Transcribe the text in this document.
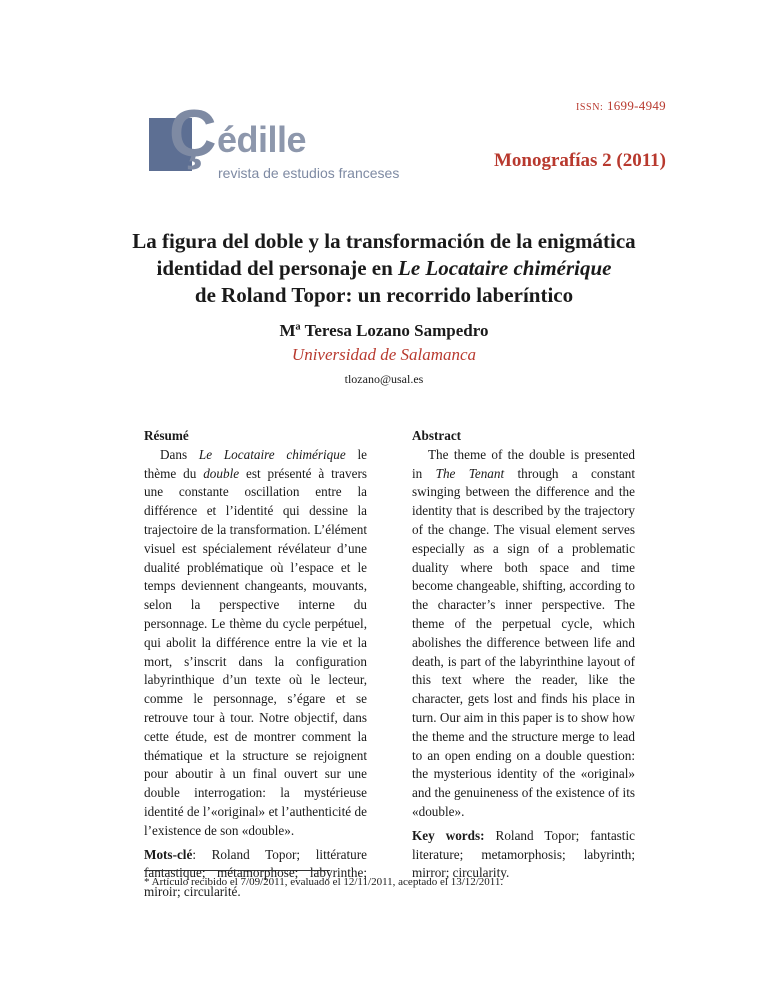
ISSN: 1699-4949
Ç édille
revista de estudios franceses
Monografías 2 (2011)
La figura del doble y la transformación de la enigmática
identidad del personaje en Le Locataire chimérique
de Roland Topor: un recorrido laberíntico
Mª Teresa Lozano Sampedro
Universidad de Salamanca
tlozano@usal.es
Résumé

Dans Le Locataire chimérique le thème du double est présenté à travers une constante oscillation entre la différence et l’identité qui dessine la trajectoire de la transformation. L’élément visuel est spécialement révélateur d’une dualité problématique où l’espace et le temps deviennent changeants, mouvants, selon la perspective interne du personnage. Le thème du cycle perpétuel, qui abolit la différence entre la vie et la mort, s’inscrit dans la configuration labyrinthique d’un texte où le lecteur, comme le personnage, s’égare et se retrouve tour à tour. Notre objectif, dans cette étude, est de montrer comment la thématique et la structure se rejoignent pour aboutir à un final ouvert sur une double interrogation: la mystérieuse identité de l’«original» et l’authenticité de l’existence de son «double».

Mots-clé: Roland Topor; littérature fantastique; métamorphose; labyrinthe; miroir; circularité.
Abstract

The theme of the double is presented in The Tenant through a constant swinging between the difference and the identity that is described by the trajectory of the change. The visual element serves especially as a sign of a problematic duality where both space and time become changeable, shifting, according to the character’s inner perspective. The theme of the perpetual cycle, which abolishes the difference between life and death, is part of the labyrinthine layout of this text where the reader, like the character, gets lost and finds his place in turn. Our aim in this paper is to show how the theme and the structure merge to lead to an open ending on a double question: the mysterious identity of the «original» and the genuineness of the existence of its «double».

Key words: Roland Topor; fantastic literature; metamorphosis; labyrinth; mirror; circularity.
* Artículo recibido el 7/09/2011, evaluado el 12/11/2011, aceptado el 13/12/2011.
